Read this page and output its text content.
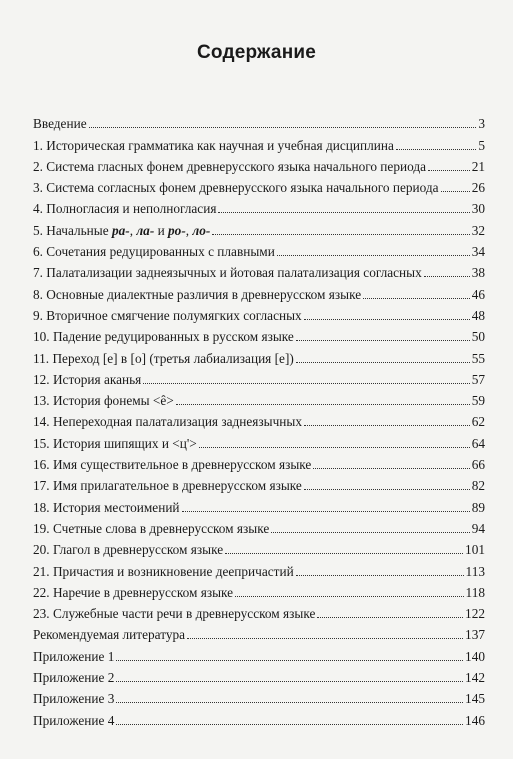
Содержание
Введение	3
1. Историческая грамматика как научная и учебная дисциплина	5
2. Система гласных фонем древнерусского языка начального периода	21
3. Система согласных фонем древнерусского языка начального периода 26
4. Полногласия и неполногласия	30
5. Начальные ра-, ла- и ро-, ло-	32
6. Сочетания редуцированных с плавными	34
7. Палатализации заднеязычных и йотовая палатализация согласных	38
8. Основные диалектные различия в древнерусском языке	46
9. Вторичное смягчение полумягких согласных	48
10. Падение редуцированных в русском языке	50
11. Переход [е] в [о] (третья лабиализация [е])	55
12. История аканья	57
13. История фонемы <ê>	59
14. Непереходная палатализация заднеязычных	62
15. История шипящих и <ц'>	64
16. Имя существительное в древнерусском языке	66
17. Имя прилагательное в древнерусском языке	82
18. История местоимений	89
19. Счетные слова в древнерусском языке	94
20. Глагол в древнерусском языке	101
21. Причастия и возникновение деепричастий	113
22. Наречие в древнерусском языке	118
23. Служебные части речи в древнерусском языке	122
Рекомендуемая литература	137
Приложение 1	140
Приложение 2	142
Приложение 3	145
Приложение 4	146
